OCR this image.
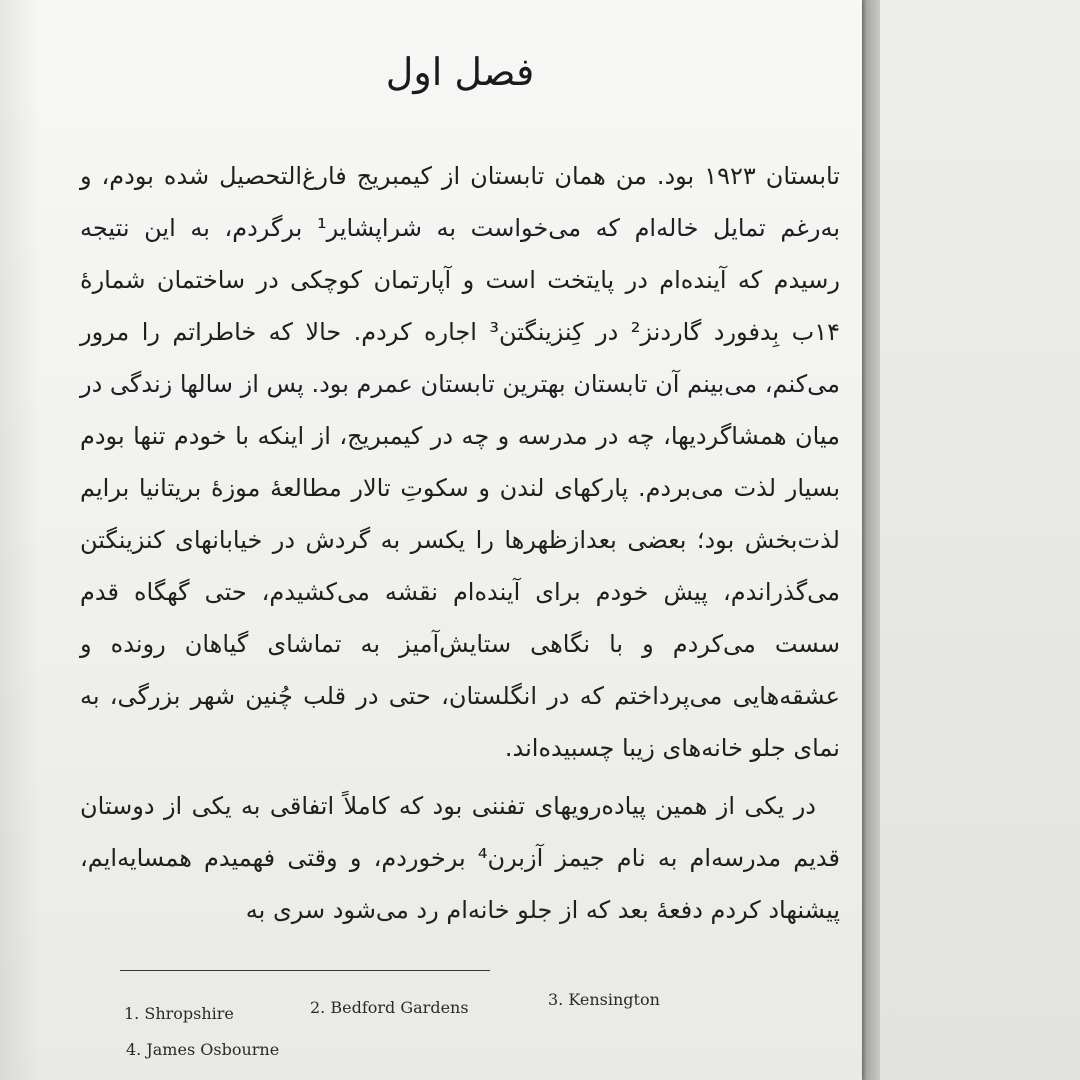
فصل اول

تابستان ۱۹۲۳ بود. من همان تابستان از کیمبریج فارغ‌التحصیل شده بودم، و به‌رغم تمایل خاله‌ام که می‌خواست به شراپشایر¹ برگردم، به این نتیجه رسیدم که آینده‌ام در پایتخت است و آپارتمان کوچکی در ساختمان شمارهٔ ۱۴ب بِدفورد گاردنز² در کِنزینگتن³ اجاره کردم. حالا که خاطراتم را مرور می‌کنم، می‌بینم آن تابستان بهترین تابستان عمرم بود. پس از سالها زندگی در میان همشاگردیها، چه در مدرسه و چه در کیمبریج، از اینکه با خودم تنها بودم بسیار لذت می‌بردم. پارکهای لندن و سکوتِ تالار مطالعهٔ موزهٔ بریتانیا برایم لذت‌بخش بود؛ بعضی بعدازظهرها را یکسر به گردش در خیابانهای کنزینگتن می‌گذراندم، پیش خودم برای آینده‌ام نقشه می‌کشیدم، حتی گهگاه قدم سست می‌کردم و با نگاهی ستایش‌آمیز به تماشای گیاهان رونده و عشقه‌هایی می‌پرداختم که در انگلستان، حتی در قلب چُنین شهر بزرگی، به نمای جلو خانه‌های زیبا چسبیده‌اند.

در یکی از همین پیاده‌رویهای تفننی بود که کاملاً اتفاقی به یکی از دوستان قدیم مدرسه‌ام به نام جیمز آزبرن⁴ برخوردم، و وقتی فهمیدم همسایه‌ایم، پیشنهاد کردم دفعهٔ بعد که از جلو خانه‌ام رد می‌شود سری به

1. Shropshire	2. Bedford Gardens	3. Kensington
4. James Osbourne
